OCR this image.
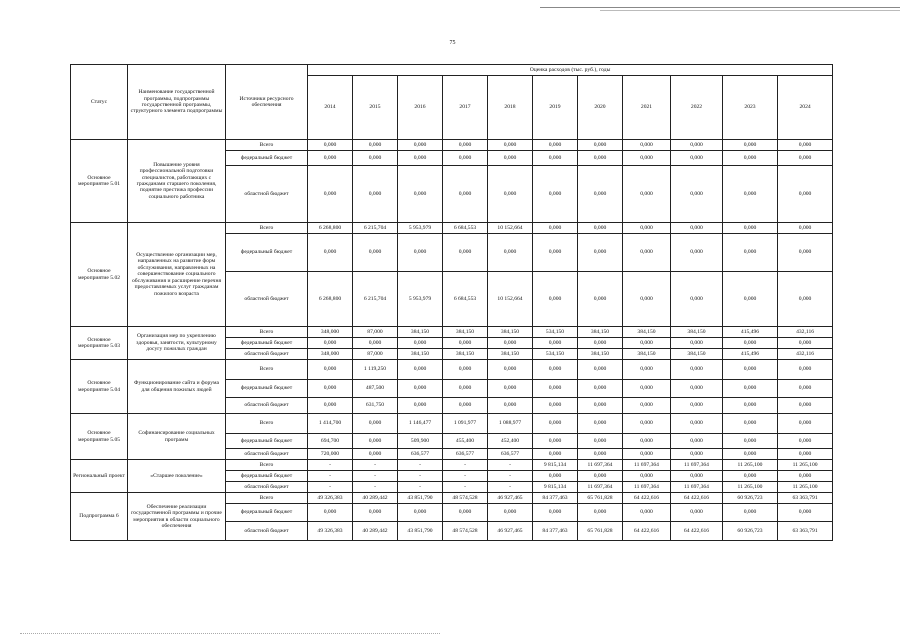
75
Статус	Наименование государственной программы, подпрограммы государственной программы, структурного элемента подпрограммы	Источники ресурсного обеспечения	Оценка расходов (тыс. руб.), годы										
			2014	2015	2016	2017	2018	2019	2020	2021	2022	2023	2024
Основное мероприятие 5.01	Повышение уровня профессиональной подготовки специалистов, работающих с гражданами старшего поколения, поднятие престижа профессии социального работника	Всего	0,000	0,000	0,000	0,000	0,000	0,000	0,000	0,000	0,000	0,000	0,000
		федеральный бюджет	0,000	0,000	0,000	0,000	0,000	0,000	0,000	0,000	0,000	0,000	0,000
		областной бюджет	0,000	0,000	0,000	0,000	0,000	0,000	0,000	0,000	0,000	0,000	0,000
Основное мероприятие 5.02	Осуществление организации мер, направленных на развитие форм обслуживания, направленных на совершенствование социального обслуживания и расширение перечня предоставляемых услуг гражданам пожилого возраста	Всего	6 268,800	6 215,704	5 953,979	6 684,553	10 152,664	0,000	0,000	0,000	0,000	0,000	0,000
		федеральный бюджет	0,000	0,000	0,000	0,000	0,000	0,000	0,000	0,000	0,000	0,000	0,000
		областной бюджет	6 268,800	6 215,704	5 953,979	6 684,553	10 152,664	0,000	0,000	0,000	0,000	0,000	0,000
Основное мероприятие 5.03	Организация мер по укреплению здоровья, занятости, культурному досугу пожилых граждан	Всего	348,000	87,000	384,150	384,150	384,150	534,150	384,150	384,150	384,150	415,496	432,116
		федеральный бюджет	0,000	0,000	0,000	0,000	0,000	0,000	0,000	0,000	0,000	0,000	0,000
		областной бюджет	348,000	87,000	384,150	384,150	384,150	534,150	384,150	384,150	384,150	415,496	432,116
Основное мероприятие 5.04	Функционирование сайта и форума для общения пожилых людей	Всего	0,000	1 119,250	0,000	0,000	0,000	0,000	0,000	0,000	0,000	0,000	0,000
		федеральный бюджет	0,000	487,500	0,000	0,000	0,000	0,000	0,000	0,000	0,000	0,000	0,000
		областной бюджет	0,000	631,750	0,000	0,000	0,000	0,000	0,000	0,000	0,000	0,000	0,000
Основное мероприятие 5.05	Софинансирование социальных программ	Всего	1 414,700	0,000	1 146,477	1 091,977	1 088,977	0,000	0,000	0,000	0,000	0,000	0,000
		федеральный бюджет	694,700	0,000	509,900	455,400	452,400	0,000	0,000	0,000	0,000	0,000	0,000
		областной бюджет	720,000	0,000	636,577	636,577	636,577	0,000	0,000	0,000	0,000	0,000	0,000
Региональный проект	«Старшее поколение»	Всего	-	-	-	-	-	9 815,134	11 697,364	11 697,364	11 697,364	11 265,100	11 265,100
		федеральный бюджет	-	-	-	-	-	0,000	0,000	0,000	0,000	0,000	0,000
		областной бюджет	-	-	-	-	-	9 815,134	11 697,364	11 697,364	11 697,364	11 265,100	11 265,100
Подпрограмма 6	Обеспечение реализации государственной программы и прочие мероприятия в области социального обеспечения	Всего	49 326,383	40 289,442	43 851,790	48 574,528	46 927,465	84 377,463	65 761,828	64 422,616	64 422,616	60 926,723	63 363,791
		федеральный бюджет	0,000	0,000	0,000	0,000	0,000	0,000	0,000	0,000	0,000	0,000	0,000
		областной бюджет	49 326,383	40 289,442	43 851,790	48 574,528	46 927,465	84 377,463	65 761,828	64 422,616	64 422,616	60 926,723	63 363,791
